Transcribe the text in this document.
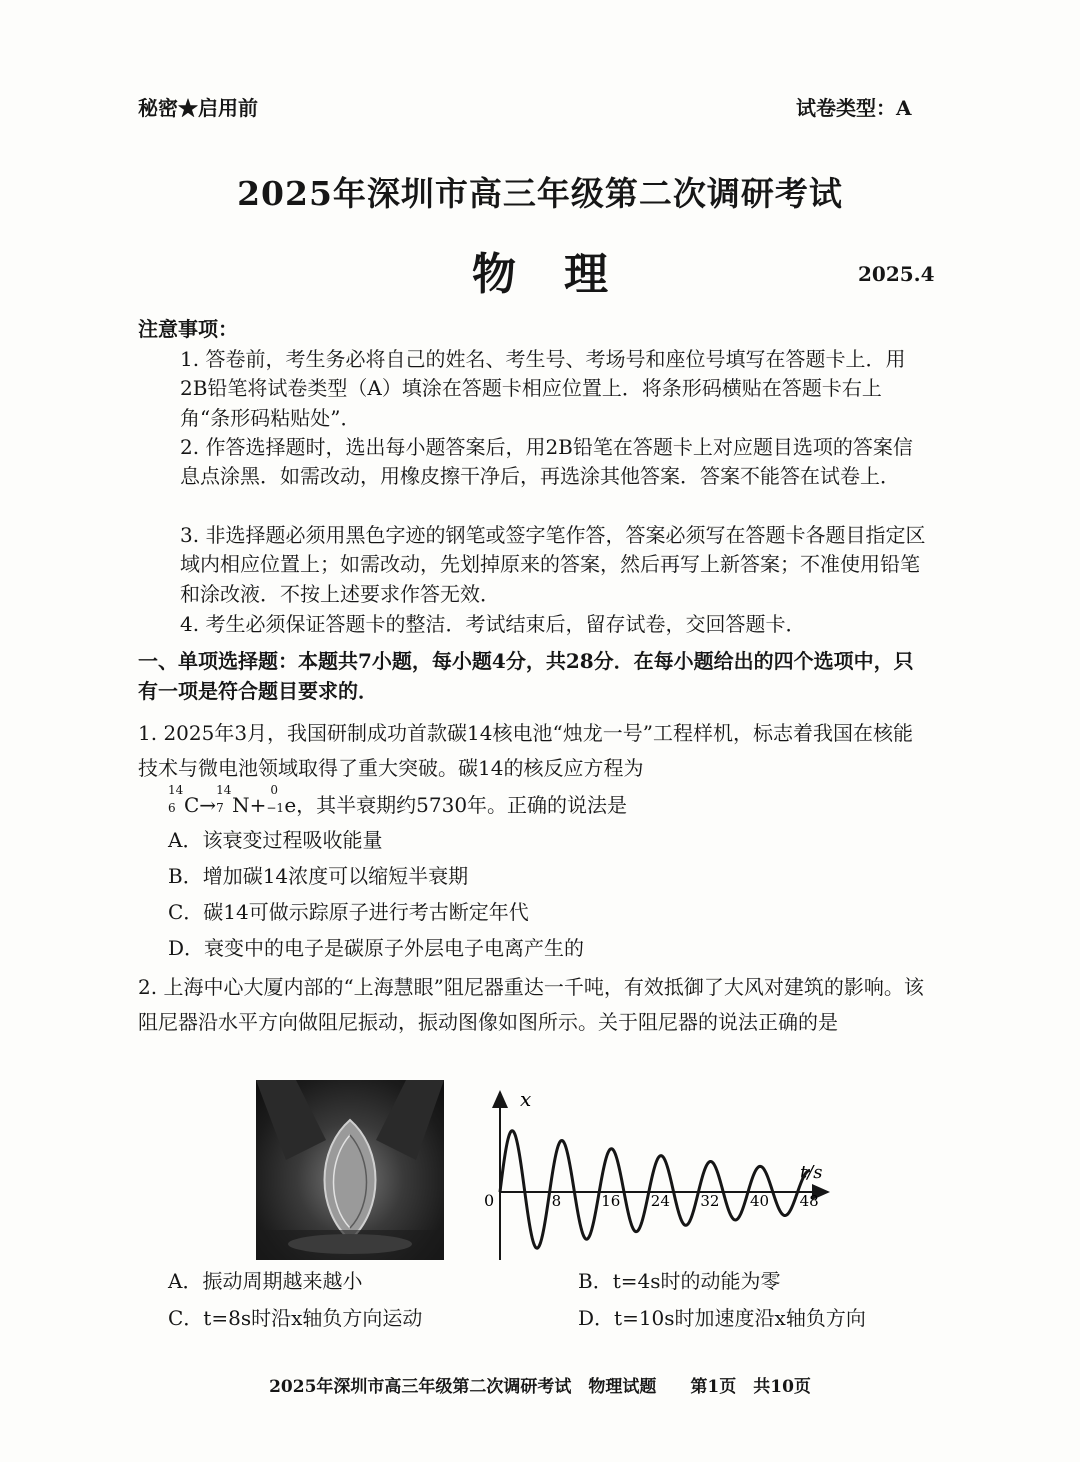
秘密★启用前	试卷类型：A
2025年深圳市高三年级第二次调研考试
物理	2025.4
注意事项：
1. 答卷前，考生务必将自己的姓名、考生号、考场号和座位号填写在答题卡上．用2B铅笔将试卷类型（A）填涂在答题卡相应位置上．将条形码横贴在答题卡右上角“条形码粘贴处”．
2. 作答选择题时，选出每小题答案后，用2B铅笔在答题卡上对应题目选项的答案信息点涂黑．如需改动，用橡皮擦干净后，再选涂其他答案．答案不能答在试卷上．
3. 非选择题必须用黑色字迹的钢笔或签字笔作答，答案必须写在答题卡各题目指定区域内相应位置上；如需改动，先划掉原来的答案，然后再写上新答案；不准使用铅笔和涂改液．不按上述要求作答无效．
4. 考生必须保证答题卡的整洁．考试结束后，留存试卷，交回答题卡．
一、单项选择题：本题共7小题，每小题4分，共28分．在每小题给出的四个选项中，只有一项是符合题目要求的．
1. 2025年3月，我国研制成功首款碳14核电池“烛龙一号”工程样机，标志着我国在核能技术与微电池领域取得了重大突破。碳14的核反应方程为
14
6 C→
14
7 N+
0
−1 e，其半衰期约5730年。正确的说法是
A．该衰变过程吸收能量
B．增加碳14浓度可以缩短半衰期
C．碳14可做示踪原子进行考古断定年代
D．衰变中的电子是碳原子外层电子电离产生的
2. 上海中心大厦内部的“上海慧眼”阻尼器重达一千吨，有效抵御了大风对建筑的影响。该阻尼器沿水平方向做阻尼振动，振动图像如图所示。关于阻尼器的说法正确的是
x
t/s
0	8	16 24 32 40 48
A．振动周期越来越小	B．t=4s时的动能为零
C．t=8s时沿x轴负方向运动	D．t=10s时加速度沿x轴负方向
2025年深圳市高三年级第二次调研考试　物理试题　　第1页　共10页
